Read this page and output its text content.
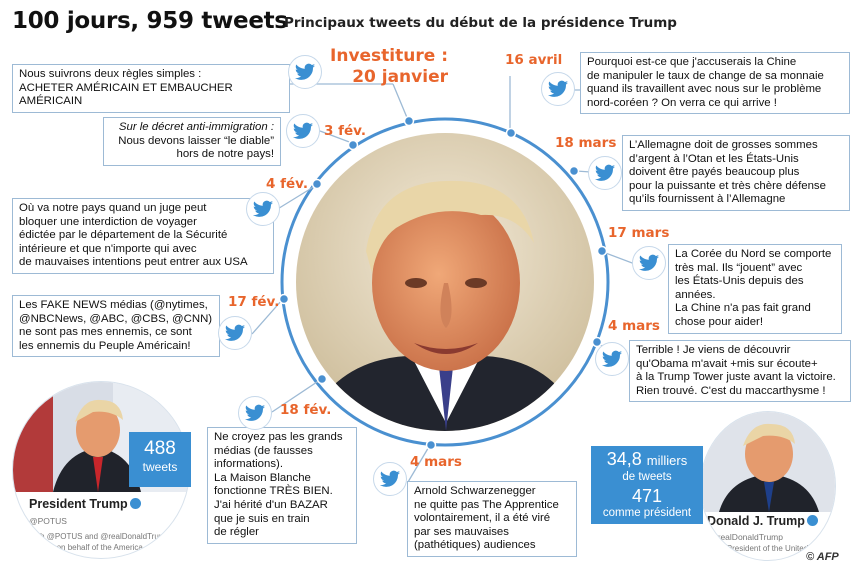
100 jours, 959 tweets
Principaux tweets du début de la présidence Trump
Investiture :
20 janvier
Nous suivrons deux règles simples :
ACHETER AMÉRICAIN ET EMBAUCHER AMÉRICAIN
Sur le décret anti-immigration :
Nous devons laisser “le diable”
hors de notre pays!
3 fév.
Où va notre pays quand un juge peut
bloquer une interdiction de voyager
édictée par le département de la Sécurité
intérieure et que n'importe qui avec
de mauvaises intentions peut entrer aux USA
4 fév.
Les FAKE NEWS médias (@nytimes,
@NBCNews, @ABC, @CBS, @CNN)
ne sont pas mes ennemis, ce sont
les ennemis du Peuple Américain!
17 fév.
Ne croyez pas les grands
médias (de fausses
informations).
La Maison Blanche
fonctionne TRÈS BIEN.
J'ai hérité d'un BAZAR
que je suis en train
de régler
18 fév.
Arnold Schwarzenegger
ne quitte pas The Apprentice
volontairement, il a été viré
par ses mauvaises
(pathétiques) audiences
4 mars
Terrible ! Je viens de découvrir
qu'Obama m'avait +mis sur écoute+
à la Trump Tower juste avant la victoire.
Rien trouvé. C'est du maccarthysme !
4 mars
La Corée du Nord se comporte
très mal. Ils “jouent” avec
les États-Unis depuis des années.
La Chine n'a pas fait grand
chose pour aider!
17 mars
L’Allemagne doit de grosses sommes
d’argent à l’Otan et les États-Unis
doivent être payés beaucoup plus
pour la puissante et très chère défense
qu’ils fournissent à l’Allemagne
18 mars
Pourquoi est-ce que j'accuserais la Chine
de manipuler le taux de change de sa monnaie
quand ils travaillent avec nous sur le problème
nord-coréen ? On verra ce qui arrive !
16 avril
President Trump
@POTUS
45th @POTUS and @realDonaldTrump
Tweets on behalf of the America
488
tweets
Donald J. Trump
@realDonaldTrump
45th President of the United Stat
34,8 milliers
de tweets
471
comme président
© AFP
